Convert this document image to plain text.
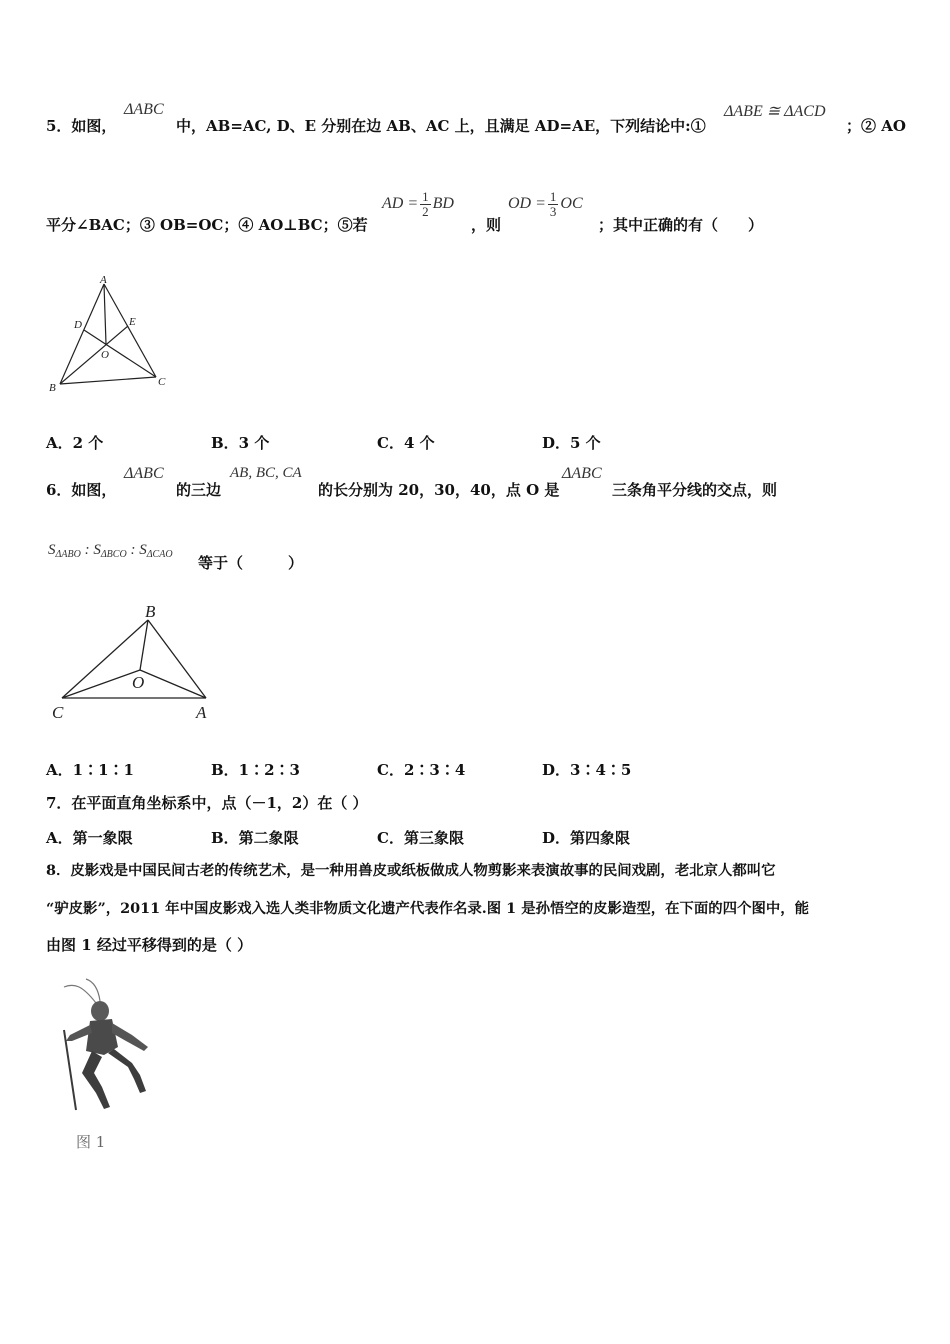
5．如图，
ΔABC
中，AB=AC, D、E 分别在边 AB、AC 上，且满足 AD=AE，下列结论中:①
ΔABE ≅ ΔACD
；② AO
平分∠BAC；③ OB=OC；④ AO⊥BC；⑤若
AD = $\frac{1}{2}$ BD
，则
OD = $\frac{1}{3}$ OC
；其中正确的有（　　）
A
B	C
D	E
O
A．2 个	B．3 个	C．4 个	D．5 个
6．如图，
ΔABC
的三边
AB, BC, CA
的长分别为 20，30，40，点 O 是
ΔABC
三条角平分线的交点，则
$S_{\Delta ABO}$ : $S_{\Delta BCO}$ : $S_{\Delta CAO}$ 等于（　　　）
B
C	A
O
A．1∶1∶1	B．1∶2∶3	C．2∶3∶4	D．3∶4∶5
7．在平面直角坐标系中，点（－1，2）在（ ）
A．第一象限	B．第二象限	C．第三象限	D．第四象限
8．皮影戏是中国民间古老的传统艺术，是一种用兽皮或纸板做成人物剪影来表演故事的民间戏剧，老北京人都叫它
“驴皮影”，2011 年中国皮影戏入选人类非物质文化遗产代表作名录.图 1 是孙悟空的皮影造型，在下面的四个图中，能
由图 1 经过平移得到的是（ ）
图 1
